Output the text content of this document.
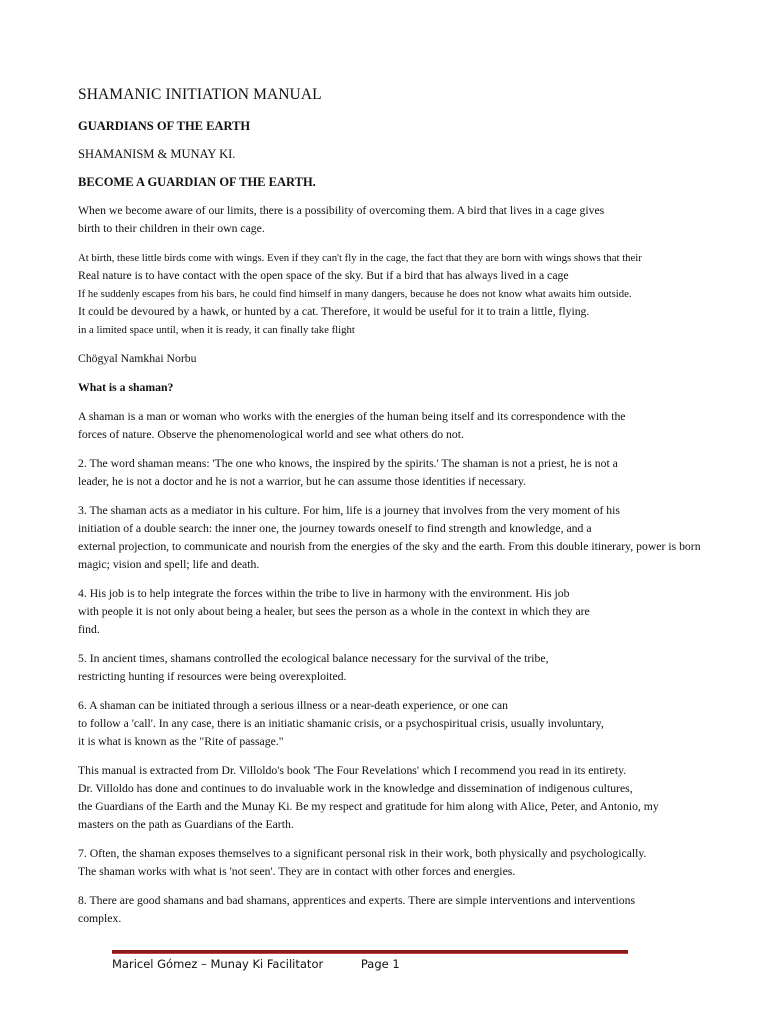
SHAMANIC INITIATION MANUAL
GUARDIANS OF THE EARTH
SHAMANISM & MUNAY KI.
BECOME A GUARDIAN OF THE EARTH.
When we become aware of our limits, there is a possibility of overcoming them. A bird that lives in a cage gives
birth to their children in their own cage.
At birth, these little birds come with wings. Even if they can't fly in the cage, the fact that they are born with wings shows that their
Real nature is to have contact with the open space of the sky. But if a bird that has always lived in a cage
If he suddenly escapes from his bars, he could find himself in many dangers, because he does not know what awaits him outside.
It could be devoured by a hawk, or hunted by a cat. Therefore, it would be useful for it to train a little, flying.
in a limited space until, when it is ready, it can finally take flight
Chögyal Namkhai Norbu
What is a shaman?
A shaman is a man or woman who works with the energies of the human being itself and its correspondence with the
forces of nature. Observe the phenomenological world and see what others do not.
2. The word shaman means: 'The one who knows, the inspired by the spirits.' The shaman is not a priest, he is not a
leader, he is not a doctor and he is not a warrior, but he can assume those identities if necessary.
3. The shaman acts as a mediator in his culture. For him, life is a journey that involves from the very moment of his
initiation of a double search: the inner one, the journey towards oneself to find strength and knowledge, and a
external projection, to communicate and nourish from the energies of the sky and the earth. From this double itinerary, power is born
magic; vision and spell; life and death.
4. His job is to help integrate the forces within the tribe to live in harmony with the environment. His job
with people it is not only about being a healer, but sees the person as a whole in the context in which they are
find.
5. In ancient times, shamans controlled the ecological balance necessary for the survival of the tribe,
restricting hunting if resources were being overexploited.
6. A shaman can be initiated through a serious illness or a near-death experience, or one can
to follow a 'call'. In any case, there is an initiatic shamanic crisis, or a psychospiritual crisis, usually involuntary,
it is what is known as the "Rite of passage."
This manual is extracted from Dr. Villoldo's book 'The Four Revelations' which I recommend you read in its entirety.
Dr. Villoldo has done and continues to do invaluable work in the knowledge and dissemination of indigenous cultures,
the Guardians of the Earth and the Munay Ki. Be my respect and gratitude for him along with Alice, Peter, and Antonio, my
masters on the path as Guardians of the Earth.
7. Often, the shaman exposes themselves to a significant personal risk in their work, both physically and psychologically.
The shaman works with what is 'not seen'. They are in contact with other forces and energies.
8. There are good shamans and bad shamans, apprentices and experts. There are simple interventions and interventions
complex.
Maricel Gómez – Munay Ki Facilitator	Page 1
